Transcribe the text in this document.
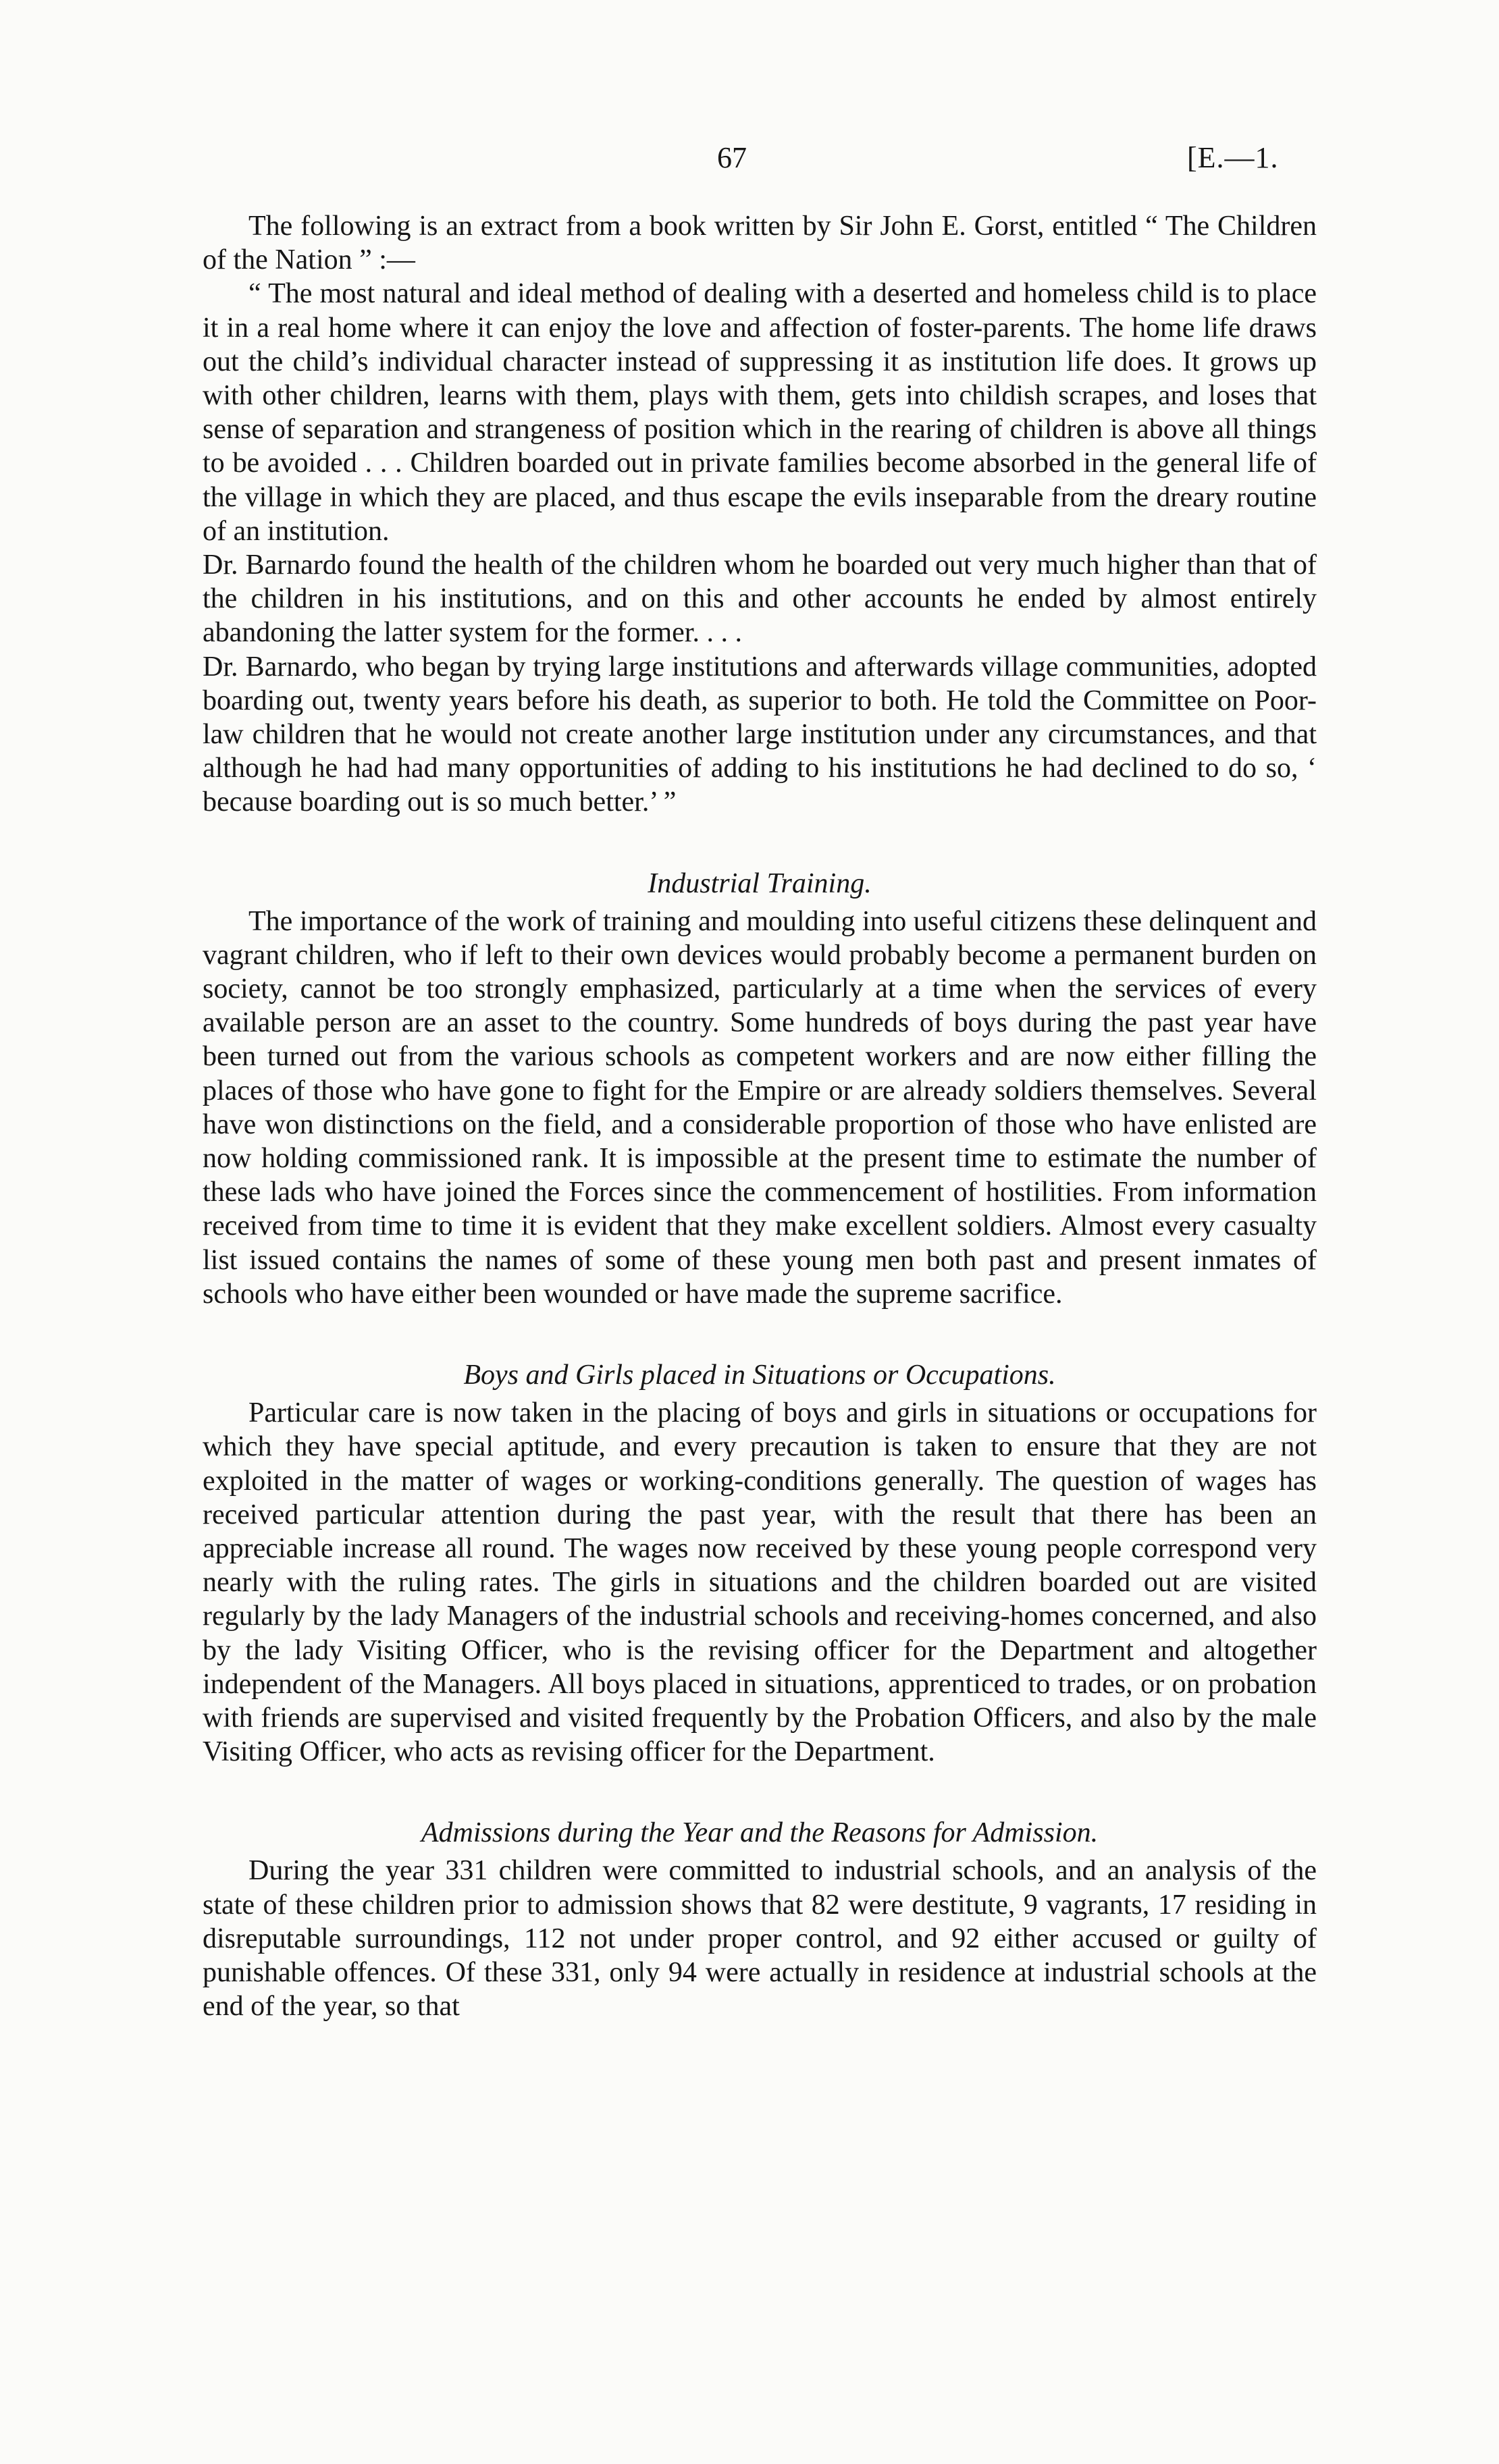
67	[E.—1.

The following is an extract from a book written by Sir John E. Gorst, entitled “ The Children of the Nation ” :—

“ The most natural and ideal method of dealing with a deserted and homeless child is to place it in a real home where it can enjoy the love and affection of foster-parents. The home life draws out the child’s individual character instead of suppressing it as institution life does. It grows up with other children, learns with them, plays with them, gets into childish scrapes, and loses that sense of separation and strangeness of position which in the rearing of children is above all things to be avoided . . . Children boarded out in private families become absorbed in the general life of the village in which they are placed, and thus escape the evils inseparable from the dreary routine of an institution.

Dr. Barnardo found the health of the children whom he boarded out very much higher than that of the children in his institutions, and on this and other accounts he ended by almost entirely abandoning the latter system for the former. . . .

Dr. Barnardo, who began by trying large institutions and afterwards village communities, adopted boarding out, twenty years before his death, as superior to both. He told the Committee on Poor-law children that he would not create another large institution under any circumstances, and that although he had had many opportunities of adding to his institutions he had declined to do so, ‘ because boarding out is so much better.’ ”

Industrial Training.

The importance of the work of training and moulding into useful citizens these delinquent and vagrant children, who if left to their own devices would probably become a permanent burden on society, cannot be too strongly emphasized, particularly at a time when the services of every available person are an asset to the country. Some hundreds of boys during the past year have been turned out from the various schools as competent workers and are now either filling the places of those who have gone to fight for the Empire or are already soldiers themselves. Several have won distinctions on the field, and a considerable proportion of those who have enlisted are now holding commissioned rank. It is impossible at the present time to estimate the number of these lads who have joined the Forces since the commencement of hostilities. From information received from time to time it is evident that they make excellent soldiers. Almost every casualty list issued contains the names of some of these young men both past and present inmates of schools who have either been wounded or have made the supreme sacrifice.

Boys and Girls placed in Situations or Occupations.

Particular care is now taken in the placing of boys and girls in situations or occupations for which they have special aptitude, and every precaution is taken to ensure that they are not exploited in the matter of wages or working-conditions generally. The question of wages has received particular attention during the past year, with the result that there has been an appreciable increase all round. The wages now received by these young people correspond very nearly with the ruling rates. The girls in situations and the children boarded out are visited regularly by the lady Managers of the industrial schools and receiving-homes concerned, and also by the lady Visiting Officer, who is the revising officer for the Department and altogether independent of the Managers. All boys placed in situations, apprenticed to trades, or on probation with friends are supervised and visited frequently by the Probation Officers, and also by the male Visiting Officer, who acts as revising officer for the Department.

Admissions during the Year and the Reasons for Admission.

During the year 331 children were committed to industrial schools, and an analysis of the state of these children prior to admission shows that 82 were destitute, 9 vagrants, 17 residing in disreputable surroundings, 112 not under proper control, and 92 either accused or guilty of punishable offences. Of these 331, only 94 were actually in residence at industrial schools at the end of the year, so that
